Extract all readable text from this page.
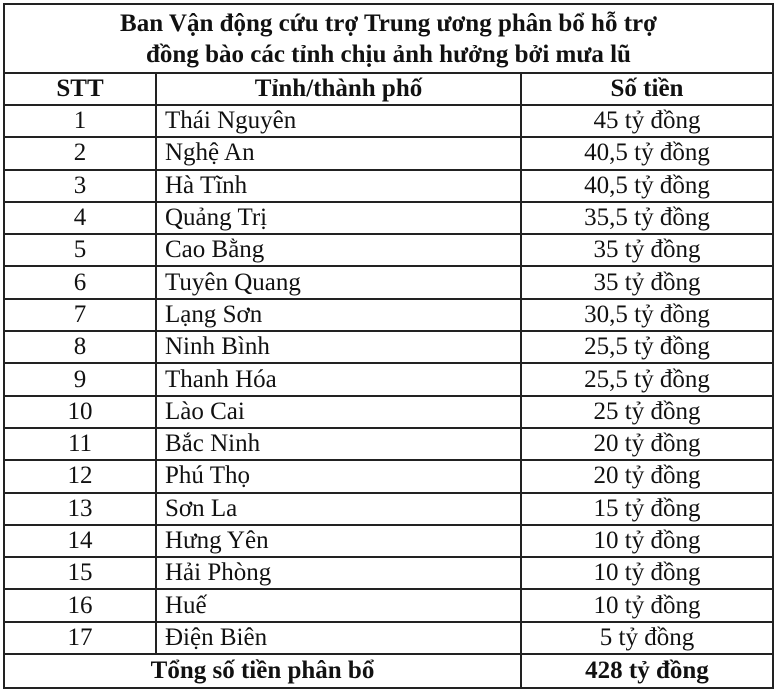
Ban Vận động cứu trợ Trung ương phân bổ hỗ trợ
đồng bào các tỉnh chịu ảnh hưởng bởi mưa lũ		

STT	Tỉnh/thành phố	Số tiền
1	Thái Nguyên	45 tỷ đồng
2	Nghệ An	40,5 tỷ đồng
3	Hà Tĩnh	40,5 tỷ đồng
4	Quảng Trị	35,5 tỷ đồng
5	Cao Bằng	35 tỷ đồng
6	Tuyên Quang	35 tỷ đồng
7	Lạng Sơn	30,5 tỷ đồng
8	Ninh Bình	25,5 tỷ đồng
9	Thanh Hóa	25,5 tỷ đồng
10	Lào Cai	25 tỷ đồng
11	Bắc Ninh	20 tỷ đồng
12	Phú Thọ	20 tỷ đồng
13	Sơn La	15 tỷ đồng
14	Hưng Yên	10 tỷ đồng
15	Hải Phòng	10 tỷ đồng
16	Huế	10 tỷ đồng
17	Điện Biên	5 tỷ đồng
Tổng số tiền phân bổ		428 tỷ đồng
